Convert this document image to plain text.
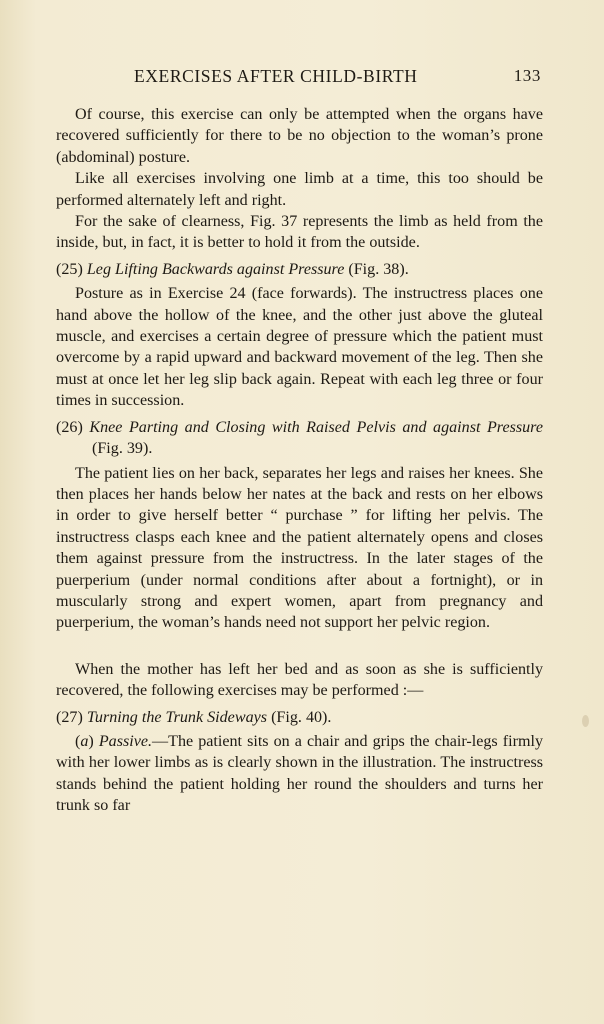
EXERCISES AFTER CHILD-BIRTH	133

Of course, this exercise can only be attempted when the organs have recovered sufficiently for there to be no objection to the woman’s prone (abdominal) posture.

Like all exercises involving one limb at a time, this too should be performed alternately left and right.

For the sake of clearness, Fig. 37 represents the limb as held from the inside, but, in fact, it is better to hold it from the outside.

(25) Leg Lifting Backwards against Pressure (Fig. 38).

Posture as in Exercise 24 (face forwards). The instructress places one hand above the hollow of the knee, and the other just above the gluteal muscle, and exercises a certain degree of pressure which the patient must overcome by a rapid upward and backward movement of the leg. Then she must at once let her leg slip back again. Repeat with each leg three or four times in succession.

(26) Knee Parting and Closing with Raised Pelvis and against Pressure (Fig. 39).

The patient lies on her back, separates her legs and raises her knees. She then places her hands below her nates at the back and rests on her elbows in order to give herself better “ purchase ” for lifting her pelvis. The instructress clasps each knee and the patient alternately opens and closes them against pressure from the instructress. In the later stages of the puerperium (under normal conditions after about a fortnight), or in muscularly strong and expert women, apart from pregnancy and puerperium, the woman’s hands need not support her pelvic region.

When the mother has left her bed and as soon as she is sufficiently recovered, the following exercises may be performed :—

(27) Turning the Trunk Sideways (Fig. 40).

(a) Passive.—The patient sits on a chair and grips the chair-legs firmly with her lower limbs as is clearly shown in the illustration. The instructress stands behind the patient holding her round the shoulders and turns her trunk so far
